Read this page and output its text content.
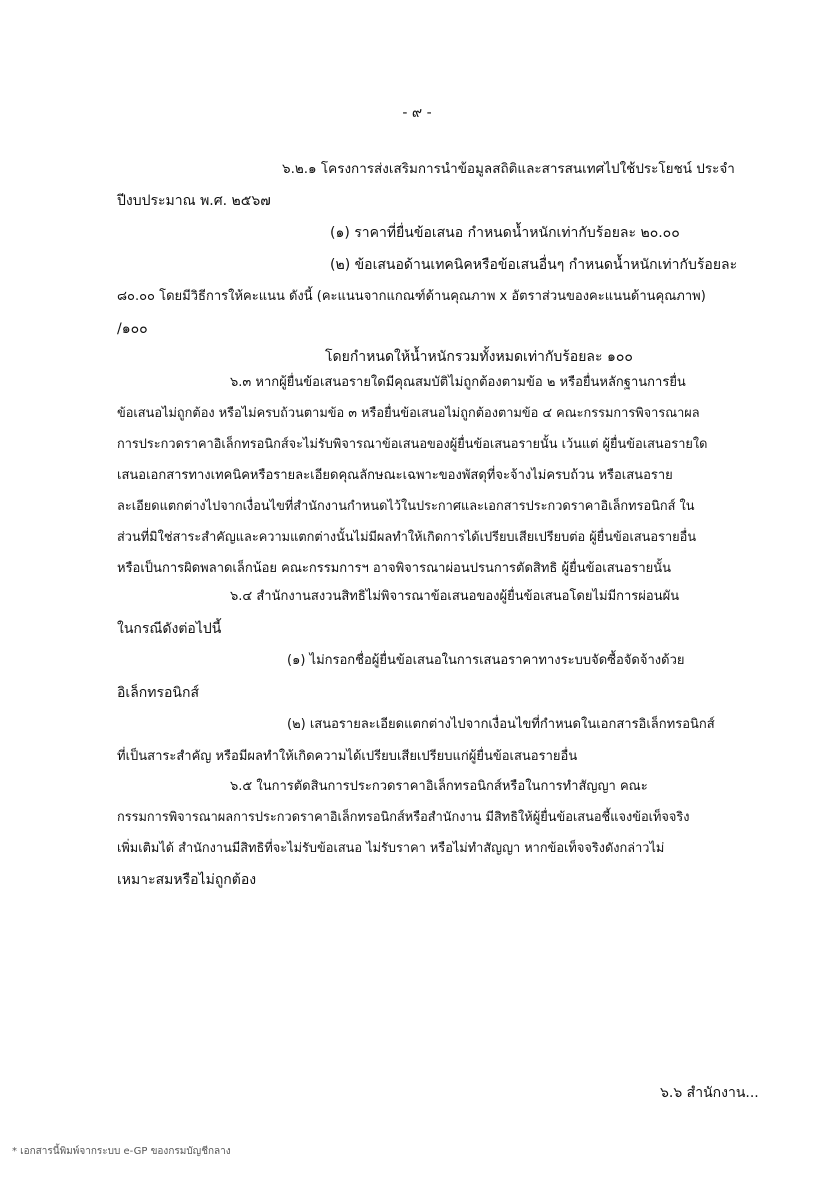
- ๙ -
๖.๒.๑ โครงการส่งเสริมการนำข้อมูลสถิติและสารสนเทศไปใช้ประโยชน์ ประจำ
ปีงบประมาณ พ.ศ. ๒๕๖๗
(๑) ราคาที่ยื่นข้อเสนอ กำหนดน้ำหนักเท่ากับร้อยละ ๒๐.๐๐
(๒) ข้อเสนอด้านเทคนิคหรือข้อเสนอื่นๆ กำหนดน้ำหนักเท่ากับร้อยละ
๘๐.๐๐ โดยมีวิธีการให้คะแนน ดังนี้ (คะแนนจากแกณฑ์ด้านคุณภาพ x อัตราส่วนของคะแนนด้านคุณภาพ)
/๑๐๐
โดยกำหนดให้น้ำหนักรวมทั้งหมดเท่ากับร้อยละ ๑๐๐
๖.๓ หากผู้ยื่นข้อเสนอรายใดมีคุณสมบัติไม่ถูกต้องตามข้อ ๒ หรือยื่นหลักฐานการยื่น
ข้อเสนอไม่ถูกต้อง หรือไม่ครบถ้วนตามข้อ ๓ หรือยื่นข้อเสนอไม่ถูกต้องตามข้อ ๔ คณะกรรมการพิจารณาผล
การประกวดราคาอิเล็กทรอนิกส์จะไม่รับพิจารณาข้อเสนอของผู้ยื่นข้อเสนอรายนั้น เว้นแต่ ผู้ยื่นข้อเสนอรายใด
เสนอเอกสารทางเทคนิคหรือรายละเอียดคุณลักษณะเฉพาะของพัสดุที่จะจ้างไม่ครบถ้วน หรือเสนอราย
ละเอียดแตกต่างไปจากเงื่อนไขที่สำนักงานกำหนดไว้ในประกาศและเอกสารประกวดราคาอิเล็กทรอนิกส์ ใน
ส่วนที่มิใช่สาระสำคัญและความแตกต่างนั้นไม่มีผลทำให้เกิดการได้เปรียบเสียเปรียบต่อ ผู้ยื่นข้อเสนอรายอื่น
หรือเป็นการผิดพลาดเล็กน้อย คณะกรรมการฯ อาจพิจารณาผ่อนปรนการตัดสิทธิ ผู้ยื่นข้อเสนอรายนั้น
๖.๔ สำนักงานสงวนสิทธิไม่พิจารณาข้อเสนอของผู้ยื่นข้อเสนอโดยไม่มีการผ่อนผัน
ในกรณีดังต่อไปนี้
(๑) ไม่กรอกชื่อผู้ยื่นข้อเสนอในการเสนอราคาทางระบบจัดซื้อจัดจ้างด้วย
อิเล็กทรอนิกส์
(๒) เสนอรายละเอียดแตกต่างไปจากเงื่อนไขที่กำหนดในเอกสารอิเล็กทรอนิกส์
ที่เป็นสาระสำคัญ หรือมีผลทำให้เกิดความได้เปรียบเสียเปรียบแก่ผู้ยื่นข้อเสนอรายอื่น
๖.๕ ในการตัดสินการประกวดราคาอิเล็กทรอนิกส์หรือในการทำสัญญา คณะ
กรรมการพิจารณาผลการประกวดราคาอิเล็กทรอนิกส์หรือสำนักงาน มีสิทธิให้ผู้ยื่นข้อเสนอชี้แจงข้อเท็จจริง
เพิ่มเติมได้ สำนักงานมีสิทธิที่จะไม่รับข้อเสนอ ไม่รับราคา หรือไม่ทำสัญญา หากข้อเท็จจริงดังกล่าวไม่
เหมาะสมหรือไม่ถูกต้อง
๖.๖ สำนักงาน...
* เอกสารนี้พิมพ์จากระบบ e-GP ของกรมบัญชีกลาง
